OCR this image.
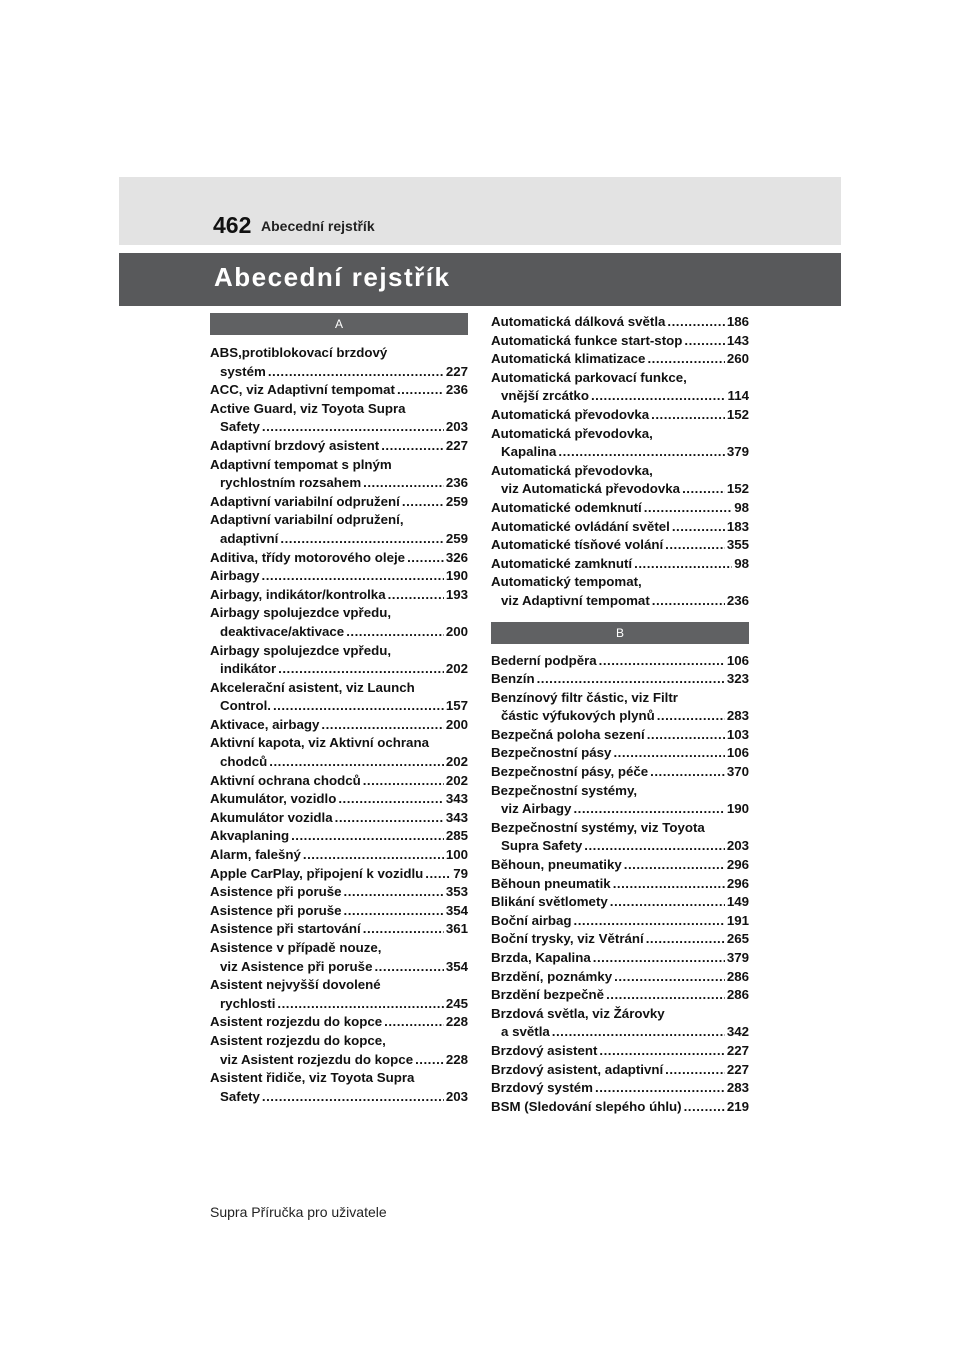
462 Abecední rejstřík
Abecední rejstřík
A
ABS,protiblokovací brzdový
systém .....	227
ACC, viz Adaptivní tempomat .....	236
Active Guard, viz Toyota Supra
Safety .....	203
Adaptivní brzdový asistent .....	227
Adaptivní tempomat s plným
rychlostním rozsahem .....	236
Adaptivní variabilní odpružení .....	259
Adaptivní variabilní odpružení,
adaptivní .....	259
Aditiva, třídy motorového oleje .....	326
Airbagy .....	190
Airbagy, indikátor/kontrolka .....	193
Airbagy spolujezdce vpředu,
deaktivace/aktivace .....	200
Airbagy spolujezdce vpředu,
indikátor .....	202
Akcelerační asistent, viz Launch
Control. .....	157
Aktivace, airbagy .....	200
Aktivní kapota, viz Aktivní ochrana
chodců .....	202
Aktivní ochrana chodců .....	202
Akumulátor, vozidlo .....	343
Akumulátor vozidla .....	343
Akvaplaning .....	285
Alarm, falešný .....	100
Apple CarPlay, připojení k vozidlu ..... 79
Asistence při poruše .....	353
Asistence při poruše .....	354
Asistence při startování .....	361
Asistence v případě nouze,
viz Asistence při poruše .....	354
Asistent nejvyšší dovolené
rychlosti .....	245
Asistent rozjezdu do kopce .....	228
Asistent rozjezdu do kopce,
viz Asistent rozjezdu do kopce ..... 228
Asistent řidiče, viz Toyota Supra
Safety .....	203
Automatická dálková světla .....	186
Automatická funkce start-stop .....	143
Automatická klimatizace .....	260
Automatická parkovací funkce,
vnější zrcátko .....	114
Automatická převodovka .....	152
Automatická převodovka,
Kapalina .....	379
Automatická převodovka,
viz Automatická převodovka .....	152
Automatické odemknutí .....	98
Automatické ovládání světel .....	183
Automatické tísňové volání .....	355
Automatické zamknutí .....	98
Automatický tempomat,
viz Adaptivní tempomat .....	236
B
Bederní podpěra .....	106
Benzín .....	323
Benzínový filtr částic, viz Filtr
částic výfukových plynů .....	283
Bezpečná poloha sezení .....	103
Bezpečnostní pásy .....	106
Bezpečnostní pásy, péče .....	370
Bezpečnostní systémy,
viz Airbagy .....	190
Bezpečnostní systémy, viz Toyota
Supra Safety .....	203
Běhoun, pneumatiky .....	296
Běhoun pneumatik .....	296
Blikání světlomety .....	149
Boční airbag .....	191
Boční trysky, viz Větrání .....	265
Brzda, Kapalina .....	379
Brzdění, poznámky .....	286
Brzdění bezpečně .....	286
Brzdová světla, viz Žárovky
a světla .....	342
Brzdový asistent .....	227
Brzdový asistent, adaptivní .....	227
Brzdový systém .....	283
BSM (Sledování slepého úhlu) .....	219
Supra Příručka pro uživatele
